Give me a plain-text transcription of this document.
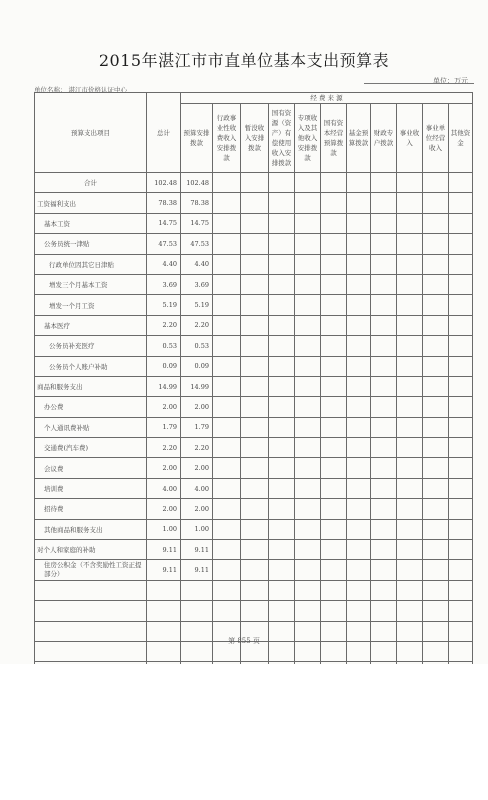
2015年湛江市市直单位基本支出预算表
单位：万元
单位名称： 湛江市价格认证中心
预算支出项目	总计	经 费 来 源										
		预算安排拨款	行政事业性收费收入安排拨款	暂没收入安排拨款	国有资源（资产）有偿使用收入安排拨款	专项收入及其他收入安排拨款	国有资本经营预算拨款	基金预算拨款	财政专户拨款	事业收入	事业单位经营收入	其他资金
合计	102.48	102.48										
工资福利支出	78.38	78.38										
基本工资	14.75	14.75										
公务员统一津贴	47.53	47.53										
行政单位因其它日津贴	4.40	4.40										
增发三个月基本工资	3.69	3.69										
增发一个月工资	5.19	5.19										
基本医疗	2.20	2.20										
公务员补充医疗	0.53	0.53										
公务员个人账户补助	0.09	0.09										
商品和服务支出	14.99	14.99										
办公费	2.00	2.00										
个人通讯费补贴	1.79	1.79										
交通费(汽车费)	2.20	2.20										
会议费	2.00	2.00										
培训费	4.00	4.00										
招待费	2.00	2.00										
其他商品和服务支出	1.00	1.00										
对个人和家庭的补助	9.11	9.11										
住房公积金（不含奖励性工资正提部分）	9.11	9.11										

第 855 页
